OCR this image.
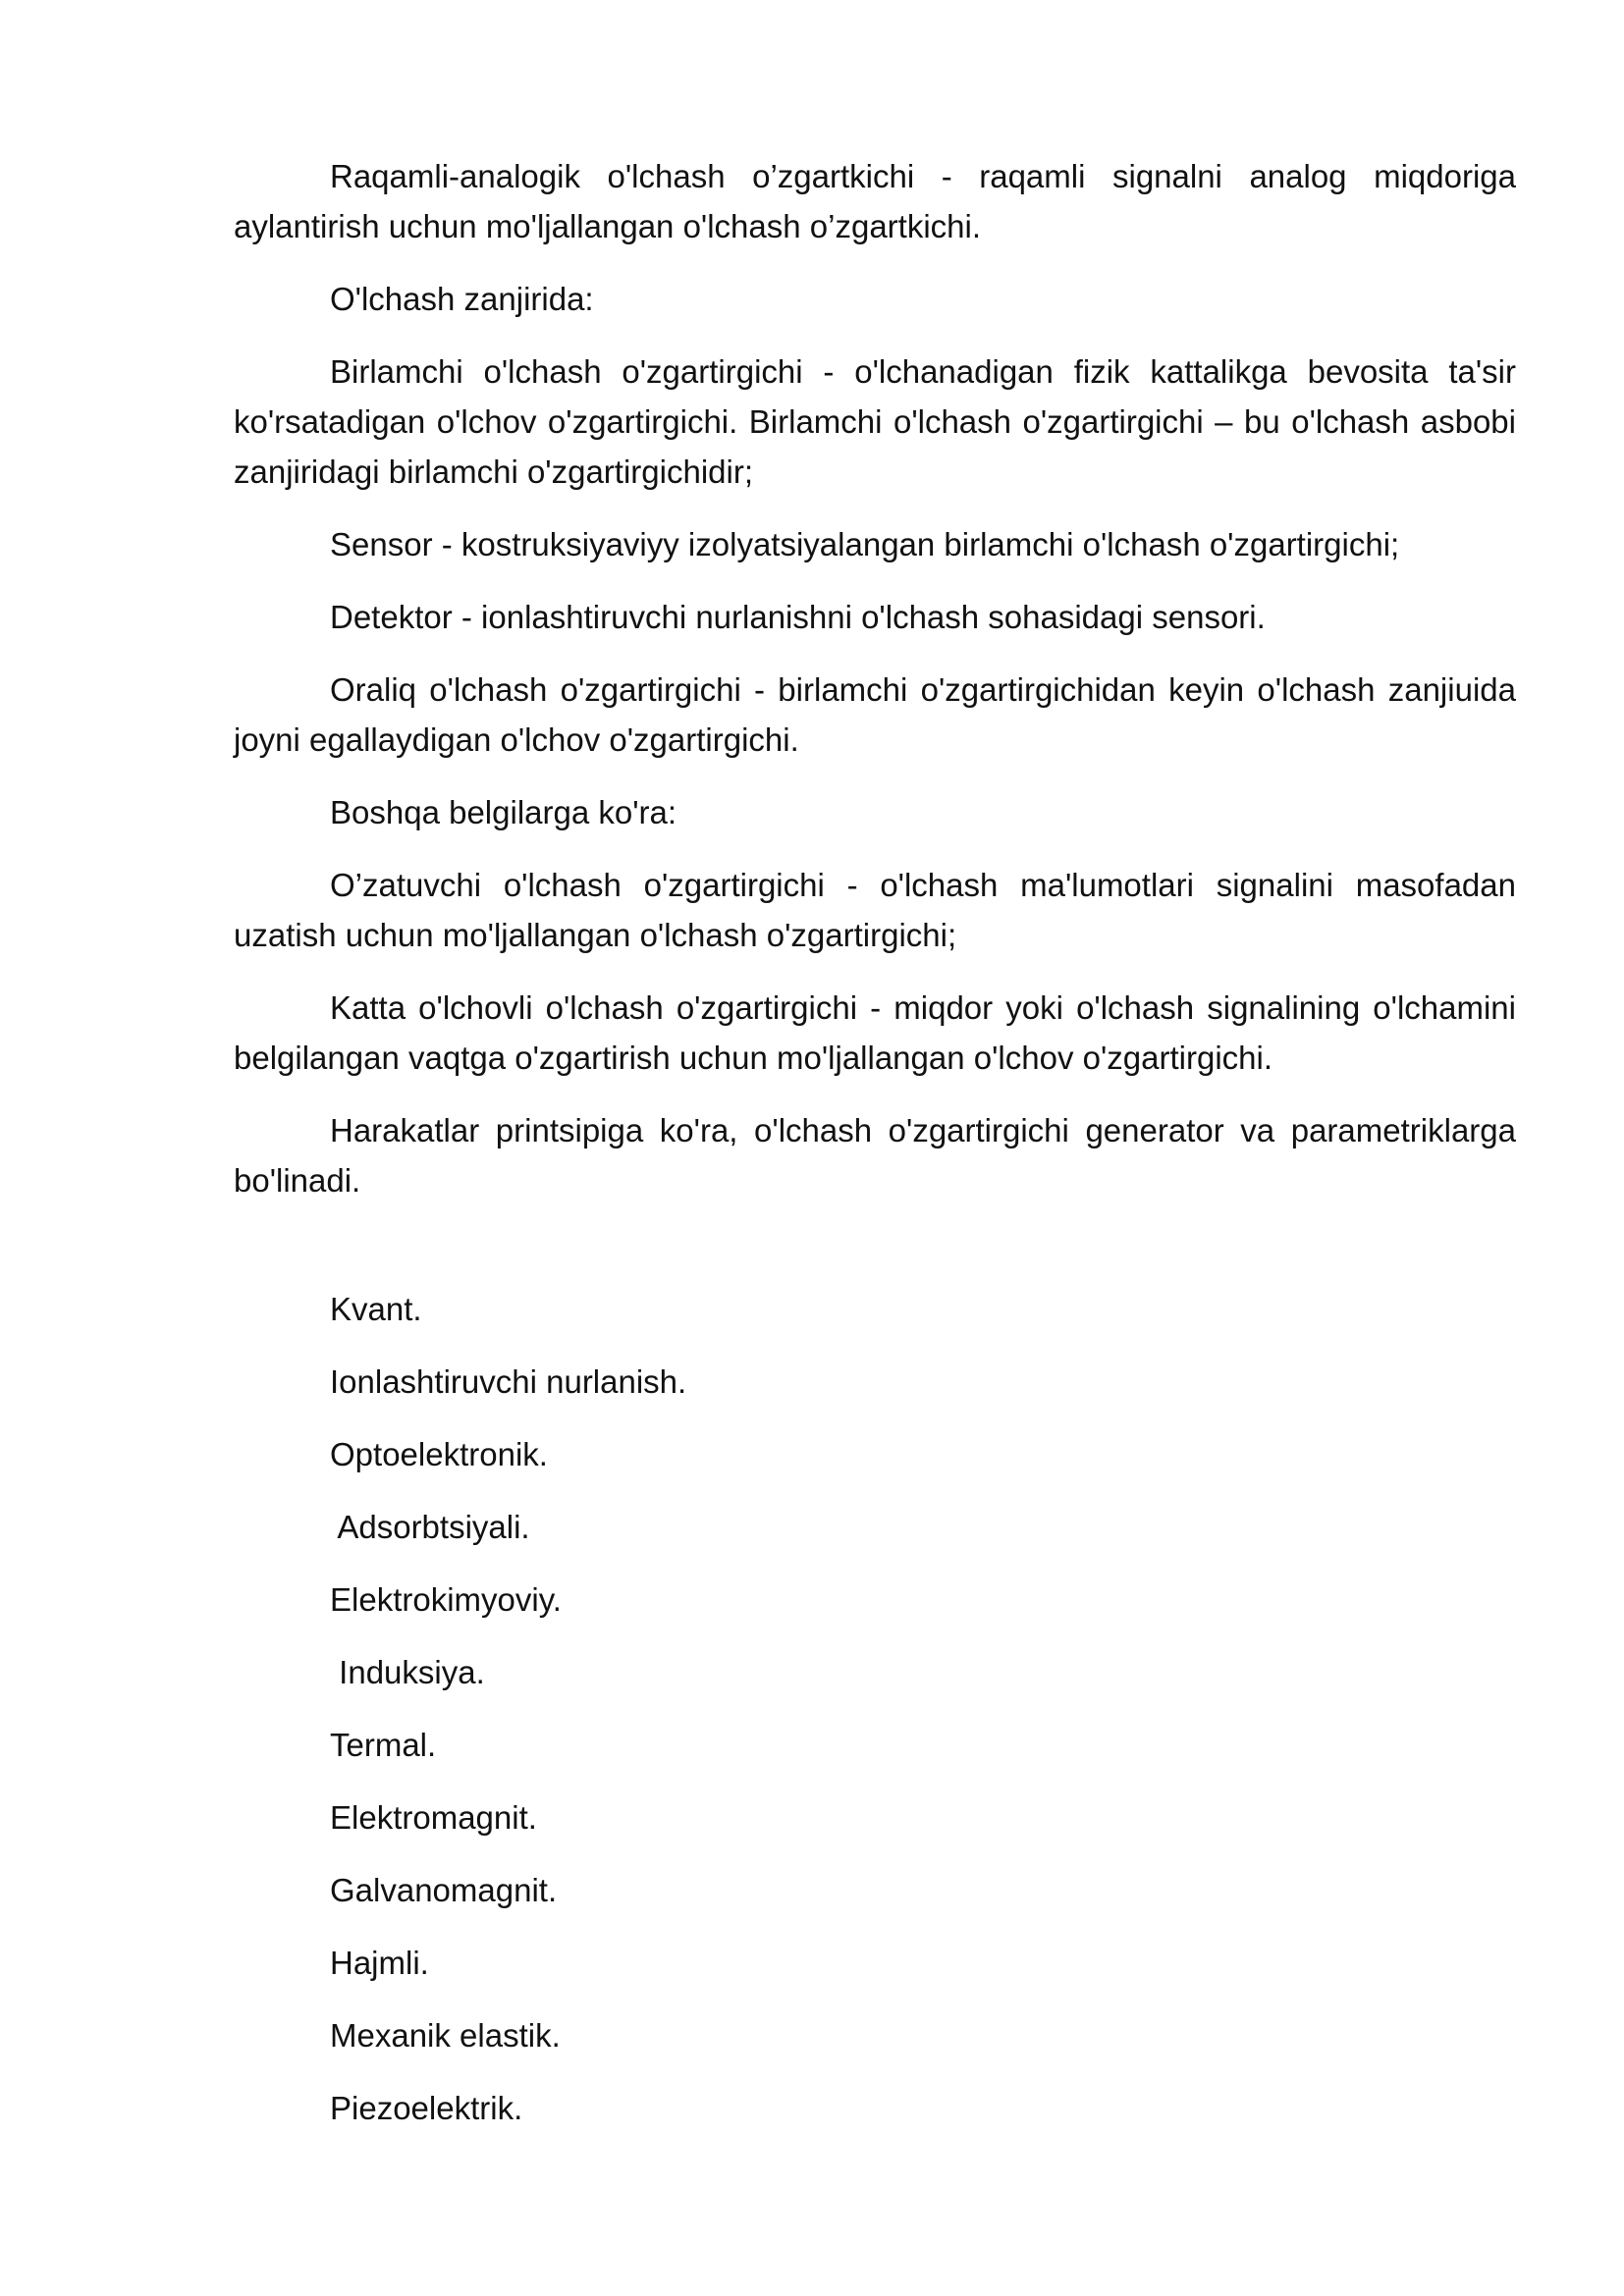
Raqamli-analogik o'lchash o’zgartkichi - raqamli signalni analog miqdoriga aylantirish uchun mo'ljallangan o'lchash o’zgartkichi.

O'lchash zanjirida:

Birlamchi o'lchash o'zgartirgichi - o'lchanadigan fizik kattalikga bevosita ta'sir ko'rsatadigan o'lchov o'zgartirgichi. Birlamchi o'lchash o'zgartirgichi – bu o'lchash asbobi zanjiridagi birlamchi o'zgartirgichidir;

Sensor - kostruksiyaviyy izolyatsiyalangan birlamchi o'lchash o'zgartirgichi;

Detektor - ionlashtiruvchi nurlanishni o'lchash sohasidagi sensori.

Oraliq o'lchash o'zgartirgichi - birlamchi o'zgartirgichidan keyin o'lchash zanjiuida joyni egallaydigan o'lchov o'zgartirgichi.

Boshqa belgilarga ko'ra:

O’zatuvchi o'lchash o'zgartirgichi - o'lchash ma'lumotlari signalini masofadan uzatish uchun mo'ljallangan o'lchash o'zgartirgichi;

Katta o'lchovli o'lchash o'zgartirgichi - miqdor yoki o'lchash signalining o'lchamini belgilangan vaqtga o'zgartirish uchun mo'ljallangan o'lchov o'zgartirgichi.

Harakatlar printsipiga ko'ra, o'lchash o'zgartirgichi generator va parametriklarga bo'linadi.

Kvant.
Ionlashtiruvchi nurlanish.
Optoelektronik.
Adsorbtsiyali.
Elektrokimyoviy.
Induksiya.
Termal.
Elektromagnit.
Galvanomagnit.
Hajmli.
Mexanik elastik.
Piezoelektrik.
